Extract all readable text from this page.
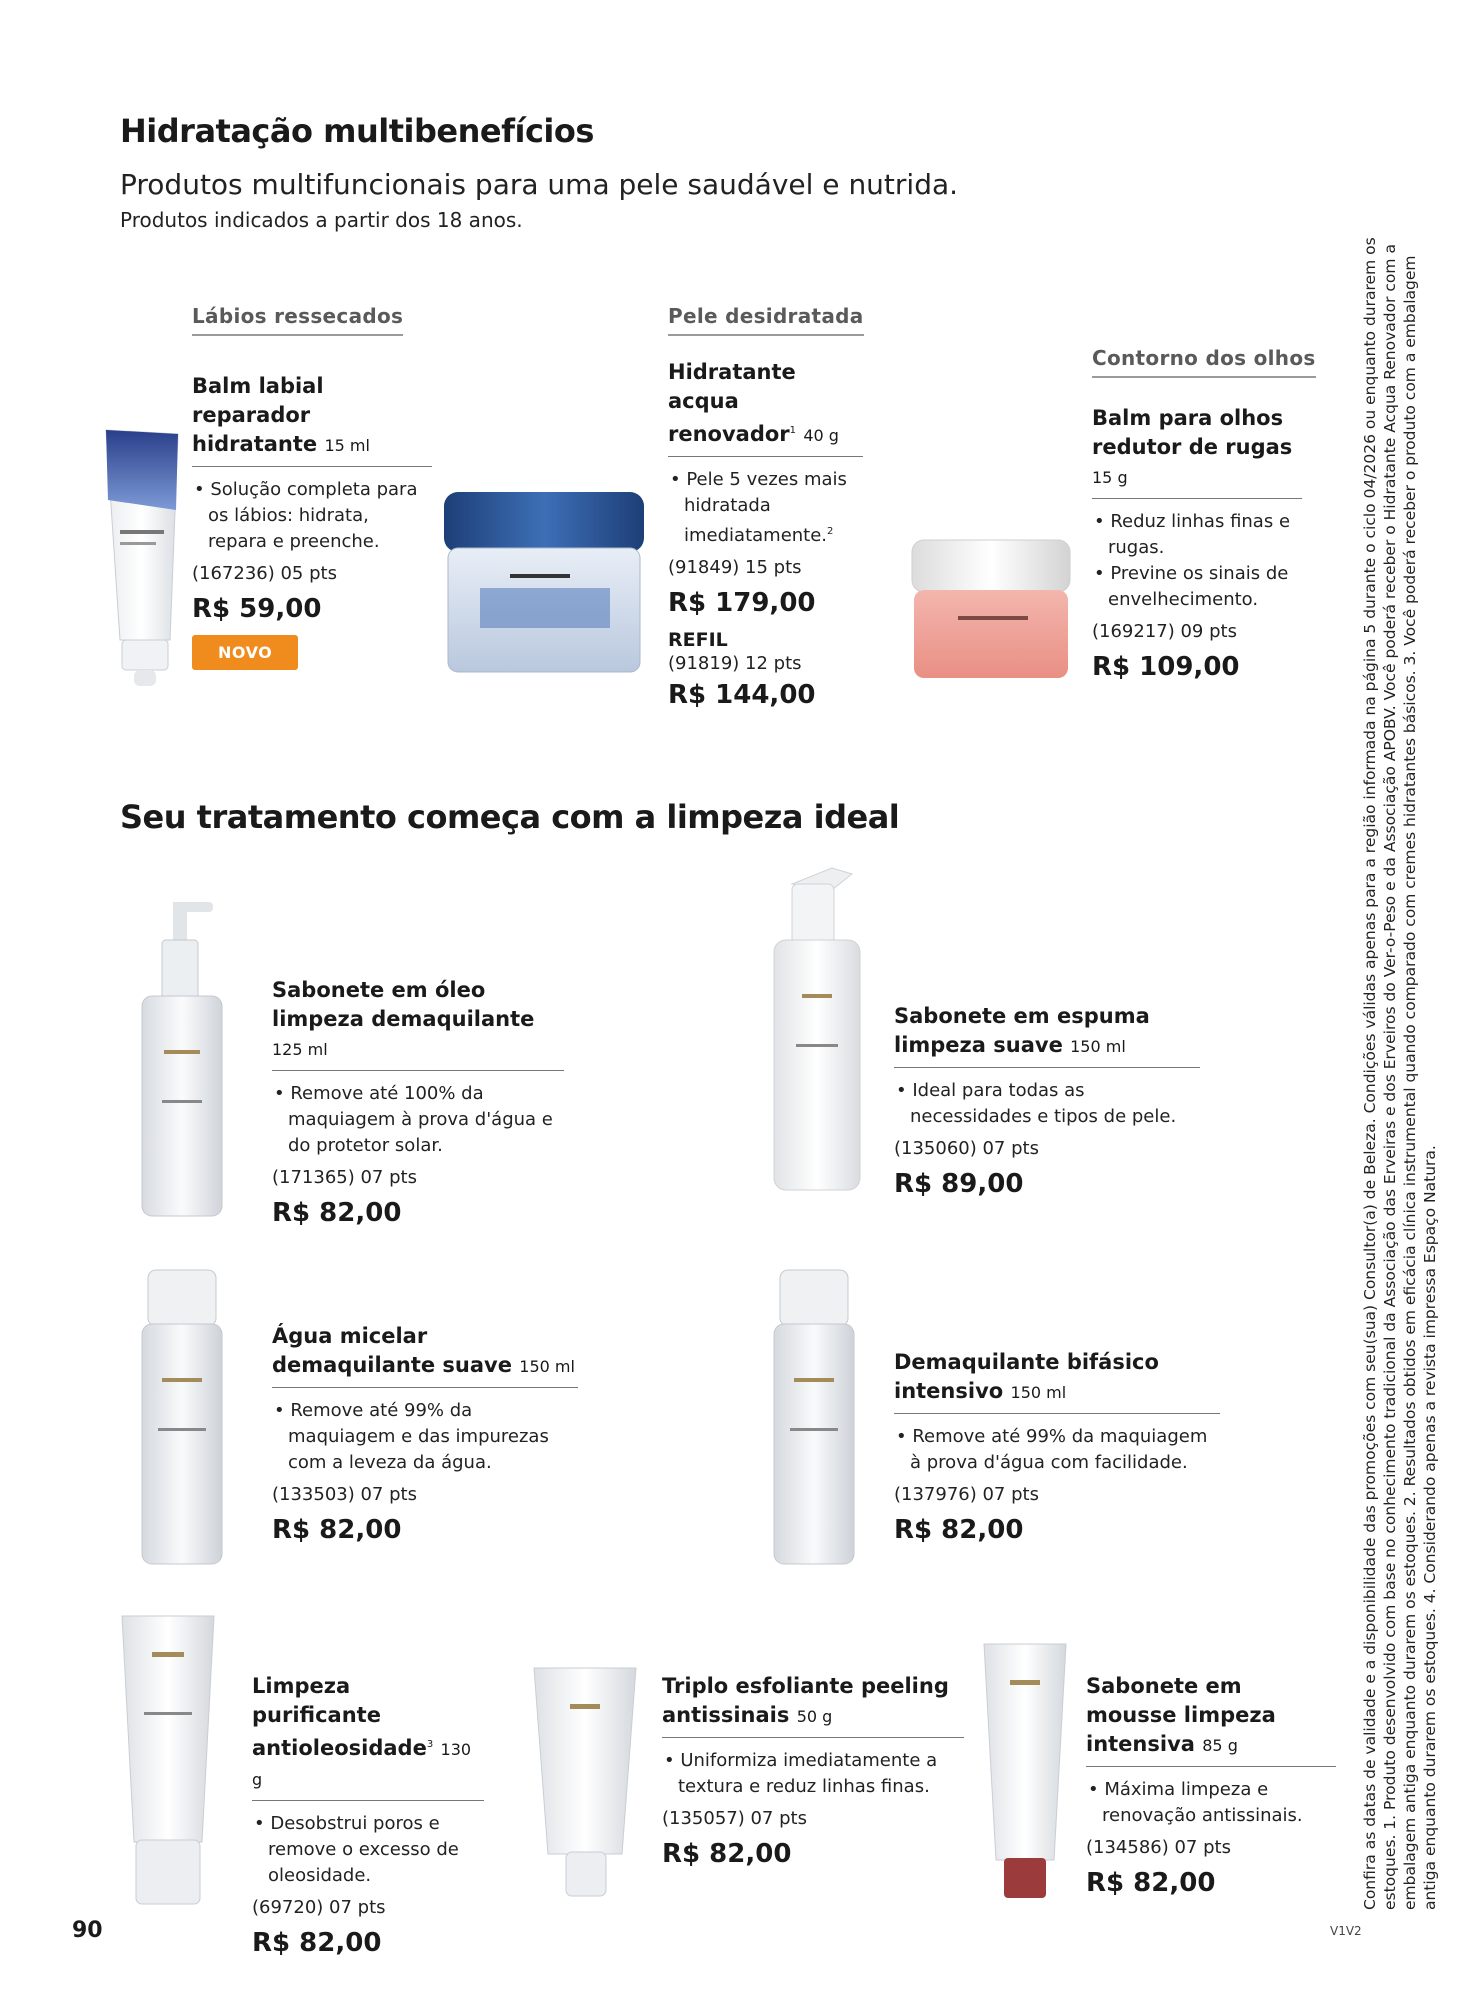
Hidratação multibenefícios
Produtos multifuncionais para uma pele saudável e nutrida.
Produtos indicados a partir dos 18 anos.
Lábios ressecados	Pele desidratada
Contorno dos olhos
Balm labial reparador hidratante 15 ml
• Solução completa para os lábios: hidrata, repara e preenche.
(167236) 05 pts
R$ 59,00
NOVO
Hidratante acqua renovador$^1$ 40 g
• Pele 5 vezes mais hidratada imediatamente.$^2$
(91849) 15 pts
R$ 179,00
REFIL
(91819) 12 pts
R$ 144,00
Balm para olhos redutor de rugas 15 g
• Reduz linhas finas e rugas.
• Previne os sinais de envelhecimento.
(169217) 09 pts
R$ 109,00
Seu tratamento começa com a limpeza ideal
Sabonete em óleo limpeza demaquilante 125 ml
• Remove até 100% da maquiagem à prova d'água e do protetor solar.
(171365) 07 pts
R$ 82,00
Sabonete em espuma limpeza suave 150 ml
• Ideal para todas as necessidades e tipos de pele.
(135060) 07 pts
R$ 89,00
Água micelar demaquilante suave 150 ml
• Remove até 99% da maquiagem e das impurezas com a leveza da água.
(133503) 07 pts
R$ 82,00
Demaquilante bifásico intensivo 150 ml
• Remove até 99% da maquiagem à prova d'água com facilidade.
(137976) 07 pts
R$ 82,00
Limpeza purificante antioleosidade$^3$ 130 g
• Desobstrui poros e remove o excesso de oleosidade.
(69720) 07 pts
R$ 82,00
Triplo esfoliante peeling antissinais 50 g
• Uniformiza imediatamente a textura e reduz linhas finas.
(135057) 07 pts
R$ 82,00
Sabonete em mousse limpeza intensiva 85 g
• Máxima limpeza e renovação antissinais.
(134586) 07 pts
R$ 82,00
90	V1V2
Confira as datas de validade e a disponibilidade das promoções com seu(sua) Consultor(a) de Beleza. Condições válidas apenas para a região informada na página 5 durante o ciclo 04/2026 ou enquanto durarem os estoques. 1. Produto desenvolvido com base no conhecimento tradicional da Associação das Erveiras e dos Erveiros do Ver-o-Peso e da Associação APOBV. Você poderá receber o Hidratante Acqua Renovador com a embalagem antiga enquanto durarem os estoques. 2. Resultados obtidos em eficácia clínica instrumental quando comparado com cremes hidratantes básicos. 3. Você poderá receber o produto com a embalagem antiga enquanto durarem os estoques. 4. Considerando apenas a revista impressa Espaço Natura.
